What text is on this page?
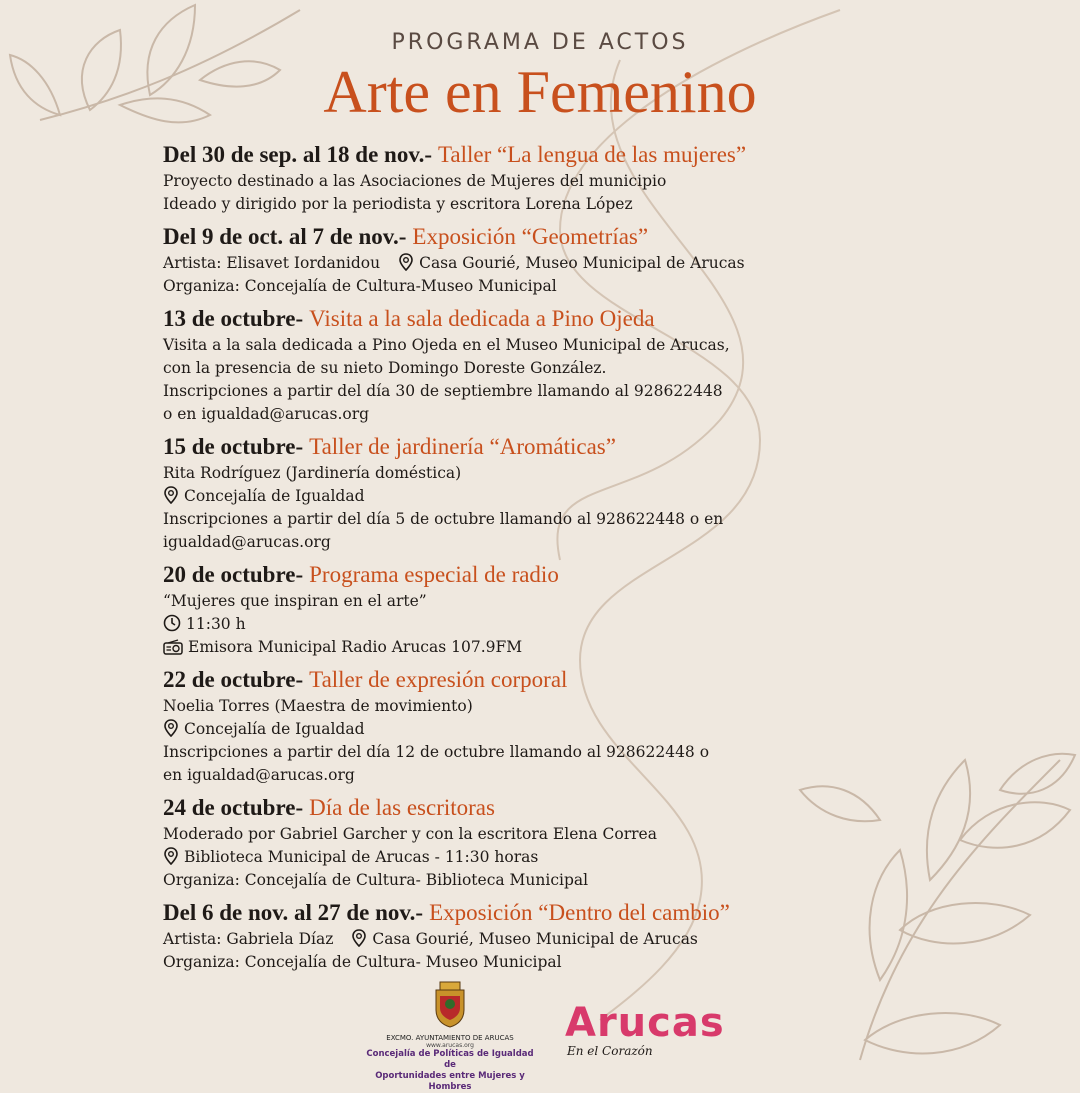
PROGRAMA DE ACTOS
Arte en Femenino
Del 30 de sep. al 18 de nov.- Taller “La lengua de las mujeres”
Proyecto destinado a las Asociaciones de Mujeres del municipio
Ideado y dirigido por la periodista y escritora Lorena López
Del 9 de oct. al 7 de nov.- Exposición “Geometrías”
Artista: Elisavet Iordanidou	Casa Gourié, Museo Municipal de Arucas
Organiza: Concejalía de Cultura-Museo Municipal
13 de octubre- Visita a la sala dedicada a Pino Ojeda
Visita a la sala dedicada a Pino Ojeda en el Museo Municipal de Arucas,
con la presencia de su nieto Domingo Doreste González.
Inscripciones a partir del día 30 de septiembre llamando al 928622448
o en igualdad@arucas.org
15 de octubre- Taller de jardinería “Aromáticas”
Rita Rodríguez (Jardinería doméstica)
Concejalía de Igualdad
Inscripciones a partir del día 5 de octubre llamando al 928622448 o en
igualdad@arucas.org
20 de octubre- Programa especial de radio
“Mujeres que inspiran en el arte”
11:30 h
Emisora Municipal Radio Arucas 107.9FM
22 de octubre- Taller de expresión corporal
Noelia Torres (Maestra de movimiento)
Concejalía de Igualdad
Inscripciones a partir del día 12 de octubre llamando al 928622448 o
en igualdad@arucas.org
24 de octubre- Día de las escritoras
Moderado por Gabriel Garcher y con la escritora Elena Correa
Biblioteca Municipal de Arucas - 11:30 horas
Organiza: Concejalía de Cultura- Biblioteca Municipal
Del 6 de nov. al 27 de nov.- Exposición “Dentro del cambio”
Artista: Gabriela Díaz	Casa Gourié, Museo Municipal de Arucas
Organiza: Concejalía de Cultura- Museo Municipal
EXCMO. AYUNTAMIENTO DE ARUCAS
www.arucas.org
Concejalía de Políticas de Igualdad de
Oportunidades entre Mujeres y Hombres
Arucas
En el Corazón
